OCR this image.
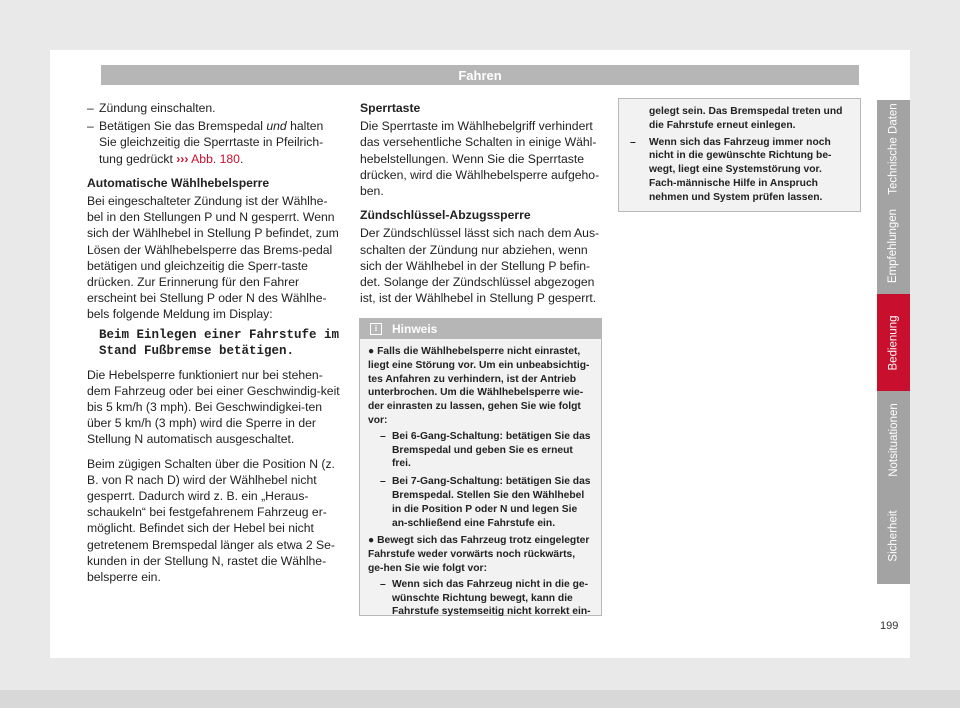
Fahren
– Zündung einschalten.
– Betätigen Sie das Bremspedal und halten Sie gleichzeitig die Sperrtaste in Pfeilrich-tung gedrückt ››› Abb. 180.

Automatische Wählhebelsperre

Bei eingeschalteter Zündung ist der Wählhe-bel in den Stellungen P und N gesperrt. Wenn sich der Wählhebel in Stellung P befindet, zum Lösen der Wählhebelsperre das Brems-pedal betätigen und gleichzeitig die Sperr-taste drücken. Zur Erinnerung für den Fahrer erscheint bei Stellung P oder N des Wählhe-bels folgende Meldung im Display:

Beim Einlegen einer Fahrstufe im Stand Fußbremse betätigen.

Die Hebelsperre funktioniert nur bei stehen-dem Fahrzeug oder bei einer Geschwindig-keit bis 5 km/h (3 mph). Bei Geschwindigkei-ten über 5 km/h (3 mph) wird die Sperre in der Stellung N automatisch ausgeschaltet.

Beim zügigen Schalten über die Position N (z. B. von R nach D) wird der Wählhebel nicht gesperrt. Dadurch wird z. B. ein „Heraus-schaukeln“ bei festgefahrenem Fahrzeug er-möglicht. Befindet sich der Hebel bei nicht getretenem Bremspedal länger als etwa 2 Se-kunden in der Stellung N, rastet die Wählhe-belsperre ein.

Sperrtaste

Die Sperrtaste im Wählhebelgriff verhindert das versehentliche Schalten in einige Wähl-hebelstellungen. Wenn Sie die Sperrtaste drücken, wird die Wählhebelsperre aufgeho-ben.

Zündschlüssel-Abzugssperre

Der Zündschlüssel lässt sich nach dem Aus-schalten der Zündung nur abziehen, wenn sich der Wählhebel in der Stellung P befin-det. Solange der Zündschlüssel abgezogen ist, ist der Wählhebel in Stellung P gesperrt.

i	Hinweis
● Falls die Wählhebelsperre nicht einrastet, liegt eine Störung vor. Um ein unbeabsichtig-tes Anfahren zu verhindern, ist der Antrieb unterbrochen. Um die Wählhebelsperre wie-der einrasten zu lassen, gehen Sie wie folgt vor:
– Bei 6-Gang-Schaltung: betätigen Sie das Bremspedal und geben Sie es erneut frei.
– Bei 7-Gang-Schaltung: betätigen Sie das Bremspedal. Stellen Sie den Wählhebel in die Position P oder N und legen Sie an-schließend eine Fahrstufe ein.
● Bewegt sich das Fahrzeug trotz eingelegter Fahrstufe weder vorwärts noch rückwärts, ge-hen Sie wie folgt vor:
– Wenn sich das Fahrzeug nicht in die ge-wünschte Richtung bewegt, kann die Fahrstufe systemseitig nicht korrekt ein-
gelegt sein. Das Bremspedal treten und die Fahrstufe erneut einlegen.
– Wenn sich das Fahrzeug immer noch nicht in die gewünschte Richtung be-wegt, liegt eine Systemstörung vor. Fach-männische Hilfe in Anspruch nehmen und System prüfen lassen.
Technische Daten
Empfehlungen
Bedienung
Notsituationen
Sicherheit
199
